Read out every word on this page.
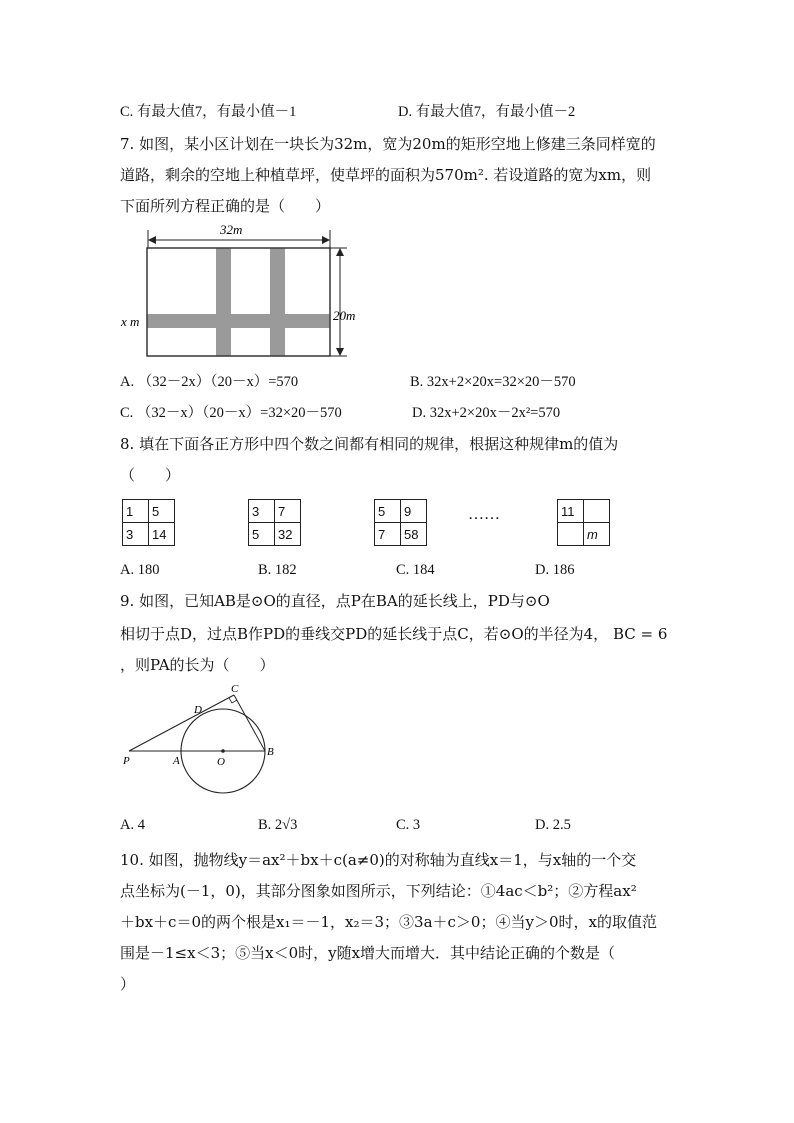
C. 有最大值7，有最小值－1	D. 有最大值7，有最小值－2
7. 如图，某小区计划在一块长为32m，宽为20m的矩形空地上修建三条同样宽的
道路，剩余的空地上种植草坪，使草坪的面积为570m². 若设道路的宽为xm，则
下面所列方程正确的是（　　）
32m
20m
x m
A. （32－2x）（20－x）=570	B. 32x+2×20x=32×20－570
C. （32－x）（20－x）=32×20－570	D. 32x+2×20x－2x²=570
8. 填在下面各正方形中四个数之间都有相同的规律，根据这种规律m的值为
（　　）
1	5
3	14
3	7
5	32
5	9
7	58
……	11	
	m
A. 180	B. 182	C. 184	D. 186
9. 如图，已知AB是⊙O的直径，点P在BA的延长线上，PD与⊙O
相切于点D，过点B作PD的垂线交PD的延长线于点C，若⊙O的半径为4， BC = 6
，则PA的长为（　　）
C
D
P	A	O
B
A. 4	B. 2√3	C. 3	D. 2.5
10. 如图，抛物线y＝ax²＋bx＋c(a≠0)的对称轴为直线x＝1，与x轴的一个交
点坐标为(－1，0)，其部分图象如图所示，下列结论：①4ac＜b²；②方程ax²
＋bx＋c＝0的两个根是x₁＝－1，x₂＝3；③3a＋c＞0；④当y＞0时，x的取值范
围是－1≤x＜3；⑤当x＜0时，y随x增大而增大．其中结论正确的个数是（
）
